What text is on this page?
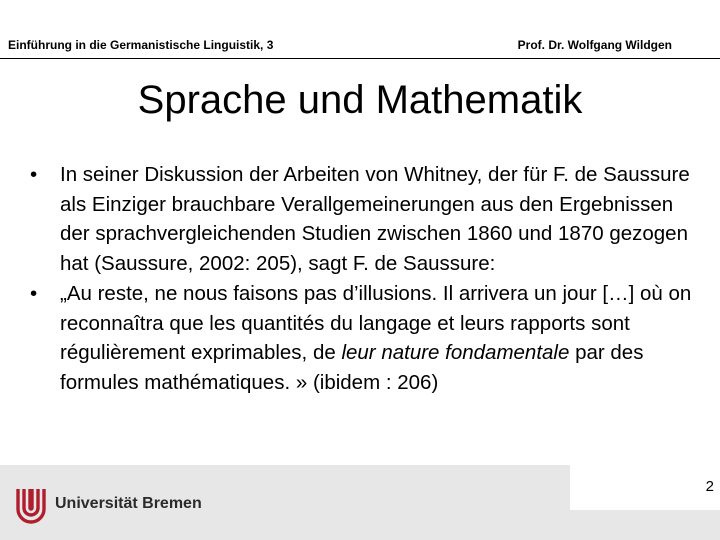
Einführung in die Germanistische Linguistik, 3	Prof. Dr. Wolfgang Wildgen
Sprache und Mathematik

• In seiner Diskussion der Arbeiten von Whitney, der für F. de Saussure als Einziger brauchbare Verallgemeinerungen aus den Ergebnissen der sprachvergleichenden Studien zwischen 1860 und 1870 gezogen hat (Saussure, 2002: 205), sagt F. de Saussure:

• „Au reste, ne nous faisons pas d’illusions. Il arrivera un jour […] où on reconnaîtra que les quantités du langage et leurs rapports sont régulièrement exprimables, de leur nature fondamentale par des formules mathématiques. » (ibidem : 206)

Universität Bremen
2
